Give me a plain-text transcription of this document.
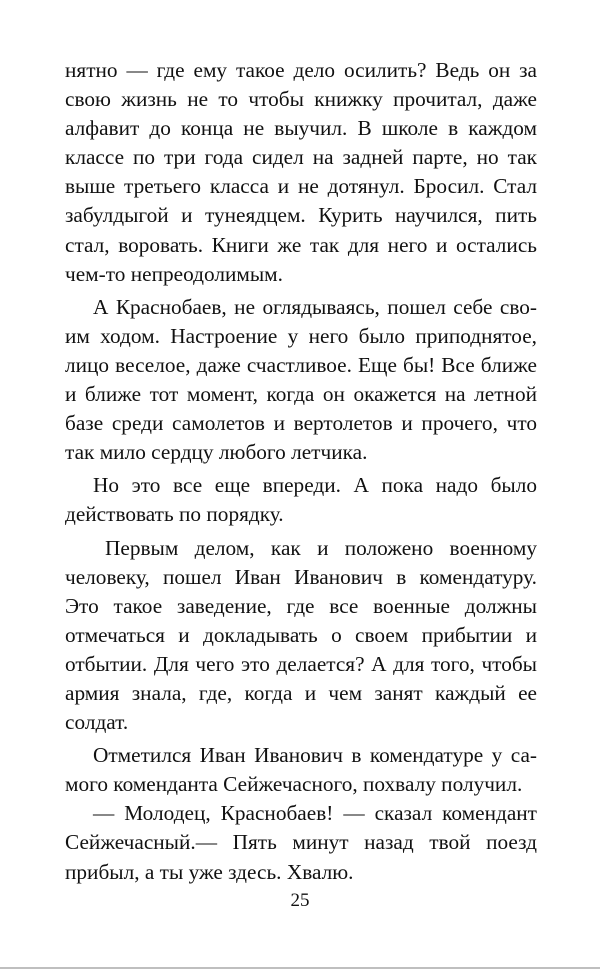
нятно — где ему такое дело осилить? Ведь он за
свою жизнь не то чтобы книжку прочитал, даже
алфавит до конца не выучил. В школе в каждом
классе по три года сидел на задней парте, но так
выше третьего класса и не дотянул. Бросил. Стал
забулдыгой и тунеядцем. Курить научился, пить
стал, воровать. Книги же так для него и остались
чем-то непреодолимым.
А Краснобаев, не оглядываясь, пошел себе сво-
им ходом. Настроение у него было приподнятое,
лицо веселое, даже счастливое. Еще бы! Все ближе
и ближе тот момент, когда он окажется на летной
базе среди самолетов и вертолетов и прочего, что
так мило сердцу любого летчика.
Но это все еще впереди. А пока надо было
действовать по порядку.
Первым делом, как и положено военному
человеку, пошел Иван Иванович в комендатуру.
Это такое заведение, где все военные должны
отмечаться и докладывать о своем прибытии и
отбытии. Для чего это делается? А для того, чтобы
армия знала, где, когда и чем занят каждый ее
солдат.
Отметился Иван Иванович в комендатуре у са-
мого коменданта Сейжечасного, похвалу получил.
— Молодец, Краснобаев! — сказал комендант
Сейжечасный.— Пять минут назад твой поезд
прибыл, а ты уже здесь. Хвалю.
25
